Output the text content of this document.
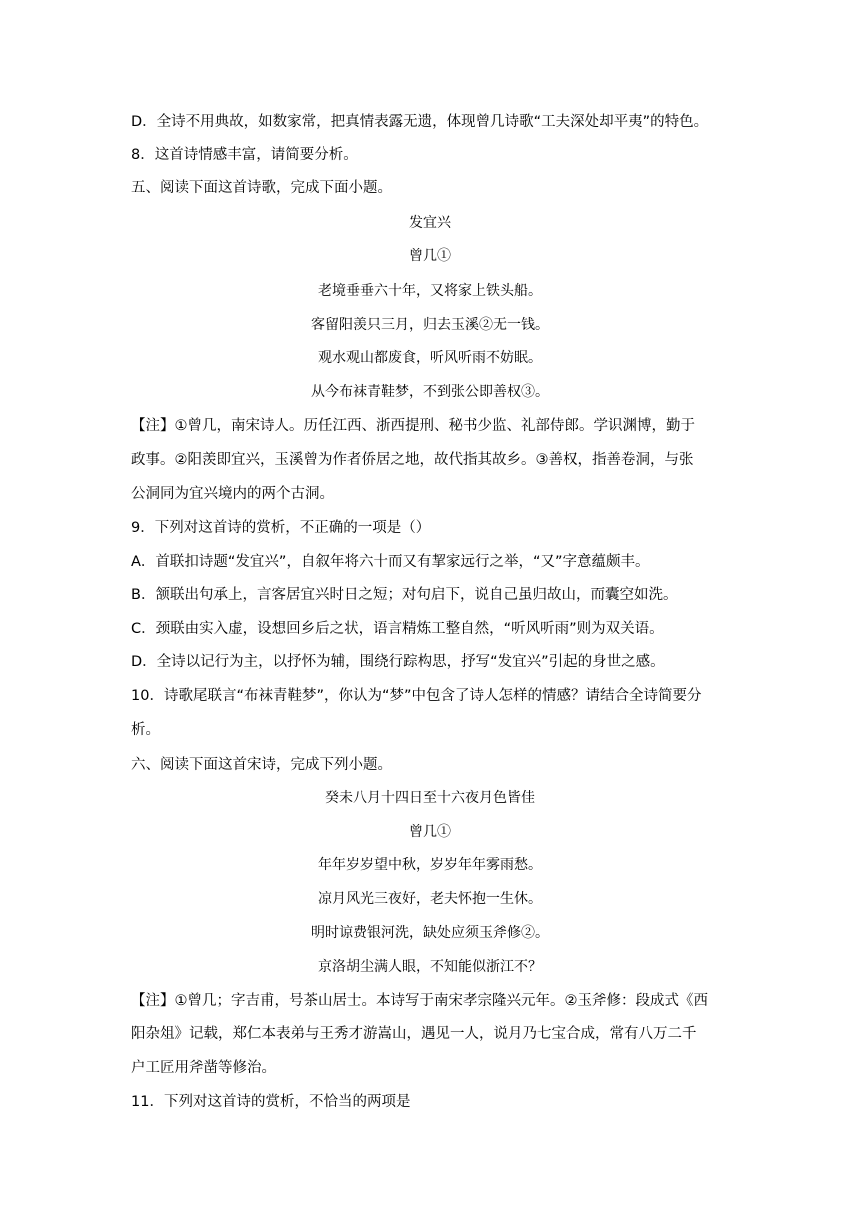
D．全诗不用典故，如数家常，把真情表露无遗，体现曾几诗歌“工夫深处却平夷”的特色。
8．这首诗情感丰富，请简要分析。
五、阅读下面这首诗歌，完成下面小题。
发宜兴
曾几①
老境垂垂六十年，又将家上铁头船。
客留阳羡只三月，归去玉溪②无一钱。
观水观山都废食，听风听雨不妨眠。
从今布袜青鞋梦，不到张公即善权③。
【注】①曾几，南宋诗人。历任江西、浙西提刑、秘书少监、礼部侍郎。学识渊博，勤于
政事。②阳羡即宜兴，玉溪曾为作者侨居之地，故代指其故乡。③善权，指善卷洞，与张
公洞同为宜兴境内的两个古洞。
9．下列对这首诗的赏析，不正确的一项是（）
A．首联扣诗题“发宜兴”，自叙年将六十而又有挈家远行之举，“又”字意蕴颇丰。
B．颔联出句承上，言客居宜兴时日之短；对句启下，说自己虽归故山，而囊空如洗。
C．颈联由实入虚，设想回乡后之状，语言精炼工整自然，“听风听雨”则为双关语。
D．全诗以记行为主，以抒怀为辅，围绕行踪构思，抒写“发宜兴”引起的身世之感。
10．诗歌尾联言“布袜青鞋梦”，你认为“梦”中包含了诗人怎样的情感？请结合全诗简要分
析。
六、阅读下面这首宋诗，完成下列小题。
癸未八月十四日至十六夜月色皆佳
曾几①
年年岁岁望中秋，岁岁年年雾雨愁。
凉月风光三夜好，老夫怀抱一生休。
明时谅费银河洗，缺处应须玉斧修②。
京洛胡尘满人眼，不知能似浙江不？
【注】①曾几；字吉甫，号茶山居士。本诗写于南宋孝宗隆兴元年。②玉斧修：段成式《西
阳杂俎》记载，郑仁本表弟与王秀才游嵩山，遇见一人，说月乃七宝合成，常有八万二千
户工匠用斧凿等修治。
11．下列对这首诗的赏析，不恰当的两项是
